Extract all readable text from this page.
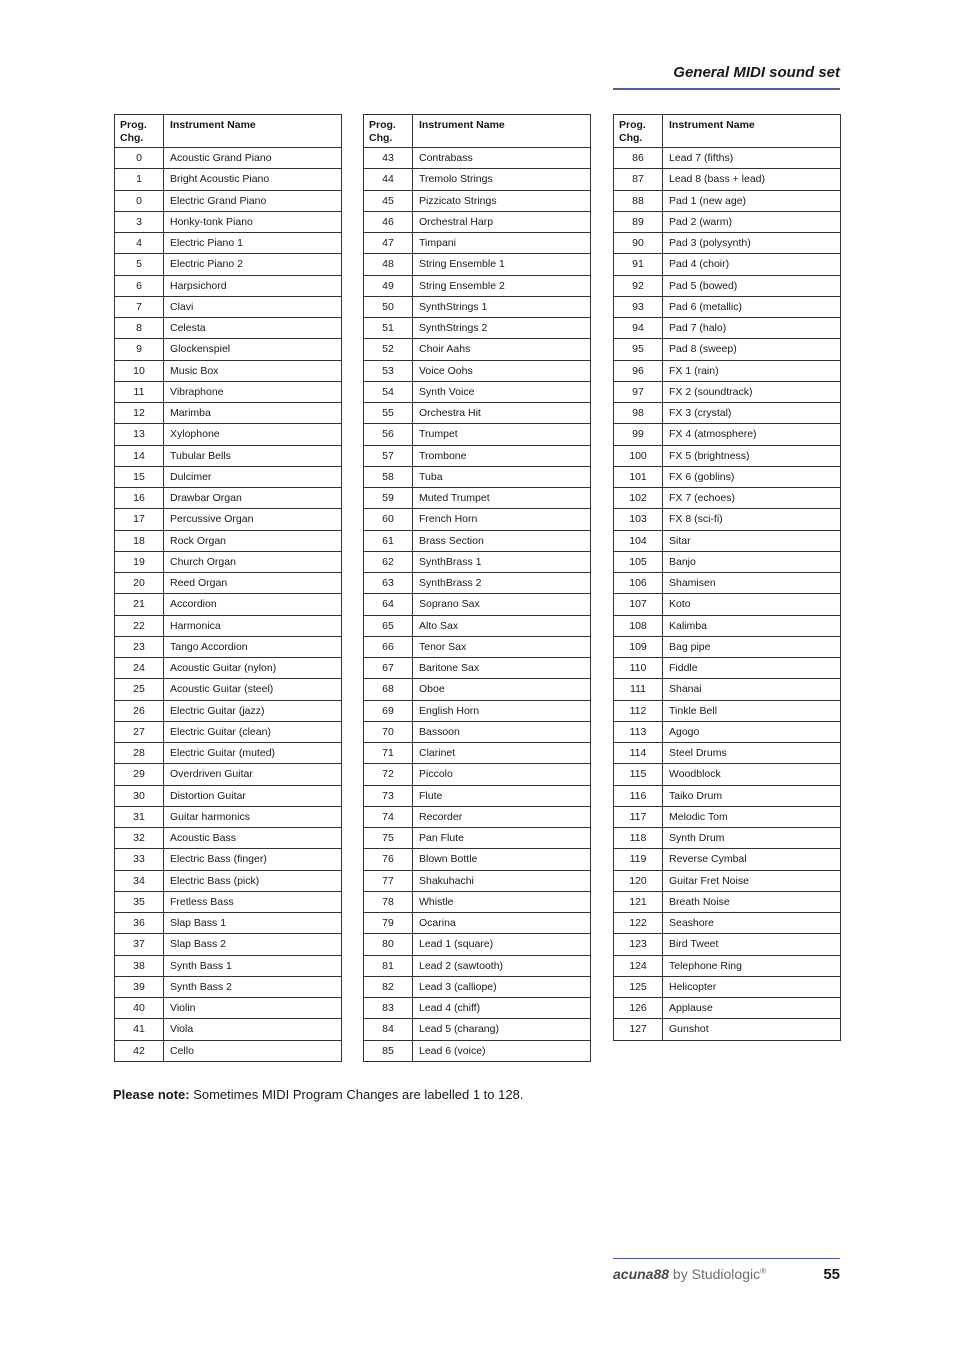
General MIDI sound set
Prog.
Chg.	Instrument Name
0	Acoustic Grand Piano
1	Bright Acoustic Piano
0	Electric Grand Piano
3	Honky-tonk Piano
4	Electric Piano 1
5	Electric Piano 2
6	Harpsichord
7	Clavi
8	Celesta
9	Glockenspiel
10	Music Box
11	Vibraphone
12	Marimba
13	Xylophone
14	Tubular Bells
15	Dulcimer
16	Drawbar Organ
17	Percussive Organ
18	Rock Organ
19	Church Organ
20	Reed Organ
21	Accordion
22	Harmonica
23	Tango Accordion
24	Acoustic Guitar (nylon)
25	Acoustic Guitar (steel)
26	Electric Guitar (jazz)
27	Electric Guitar (clean)
28	Electric Guitar (muted)
29	Overdriven Guitar
30	Distortion Guitar
31	Guitar harmonics
32	Acoustic Bass
33	Electric Bass (finger)
34	Electric Bass (pick)
35	Fretless Bass
36	Slap Bass 1
37	Slap Bass 2
38	Synth Bass 1
39	Synth Bass 2
40	Violin
41	Viola
42	Cello
Prog.
Chg.	Instrument Name
43	Contrabass
44	Tremolo Strings
45	Pizzicato Strings
46	Orchestral Harp
47	Timpani
48	String Ensemble 1
49	String Ensemble 2
50	SynthStrings 1
51	SynthStrings 2
52	Choir Aahs
53	Voice Oohs
54	Synth Voice
55	Orchestra Hit
56	Trumpet
57	Trombone
58	Tuba
59	Muted Trumpet
60	French Horn
61	Brass Section
62	SynthBrass 1
63	SynthBrass 2
64	Soprano Sax
65	Alto Sax
66	Tenor Sax
67	Baritone Sax
68	Oboe
69	English Horn
70	Bassoon
71	Clarinet
72	Piccolo
73	Flute
74	Recorder
75	Pan Flute
76	Blown Bottle
77	Shakuhachi
78	Whistle
79	Ocarina
80	Lead 1 (square)
81	Lead 2 (sawtooth)
82	Lead 3 (calliope)
83	Lead 4 (chiff)
84	Lead 5 (charang)
85	Lead 6 (voice)
Prog.
Chg.	Instrument Name
86	Lead 7 (fifths)
87	Lead 8 (bass + lead)
88	Pad 1 (new age)
89	Pad 2 (warm)
90	Pad 3 (polysynth)
91	Pad 4 (choir)
92	Pad 5 (bowed)
93	Pad 6 (metallic)
94	Pad 7 (halo)
95	Pad 8 (sweep)
96	FX 1 (rain)
97	FX 2 (soundtrack)
98	FX 3 (crystal)
99	FX 4 (atmosphere)
100	FX 5 (brightness)
101	FX 6 (goblins)
102	FX 7 (echoes)
103	FX 8 (sci-fi)
104	Sitar
105	Banjo
106	Shamisen
107	Koto
108	Kalimba
109	Bag pipe
110	Fiddle
111	Shanai
112	Tinkle Bell
113	Agogo
114	Steel Drums
115	Woodblock
116	Taiko Drum
117	Melodic Tom
118	Synth Drum
119	Reverse Cymbal
120	Guitar Fret Noise
121	Breath Noise
122	Seashore
123	Bird Tweet
124	Telephone Ring
125	Helicopter
126	Applause
127	Gunshot
Please note: Sometimes MIDI Program Changes are labelled 1 to 128.
acuna88 by Studiologic®	55
